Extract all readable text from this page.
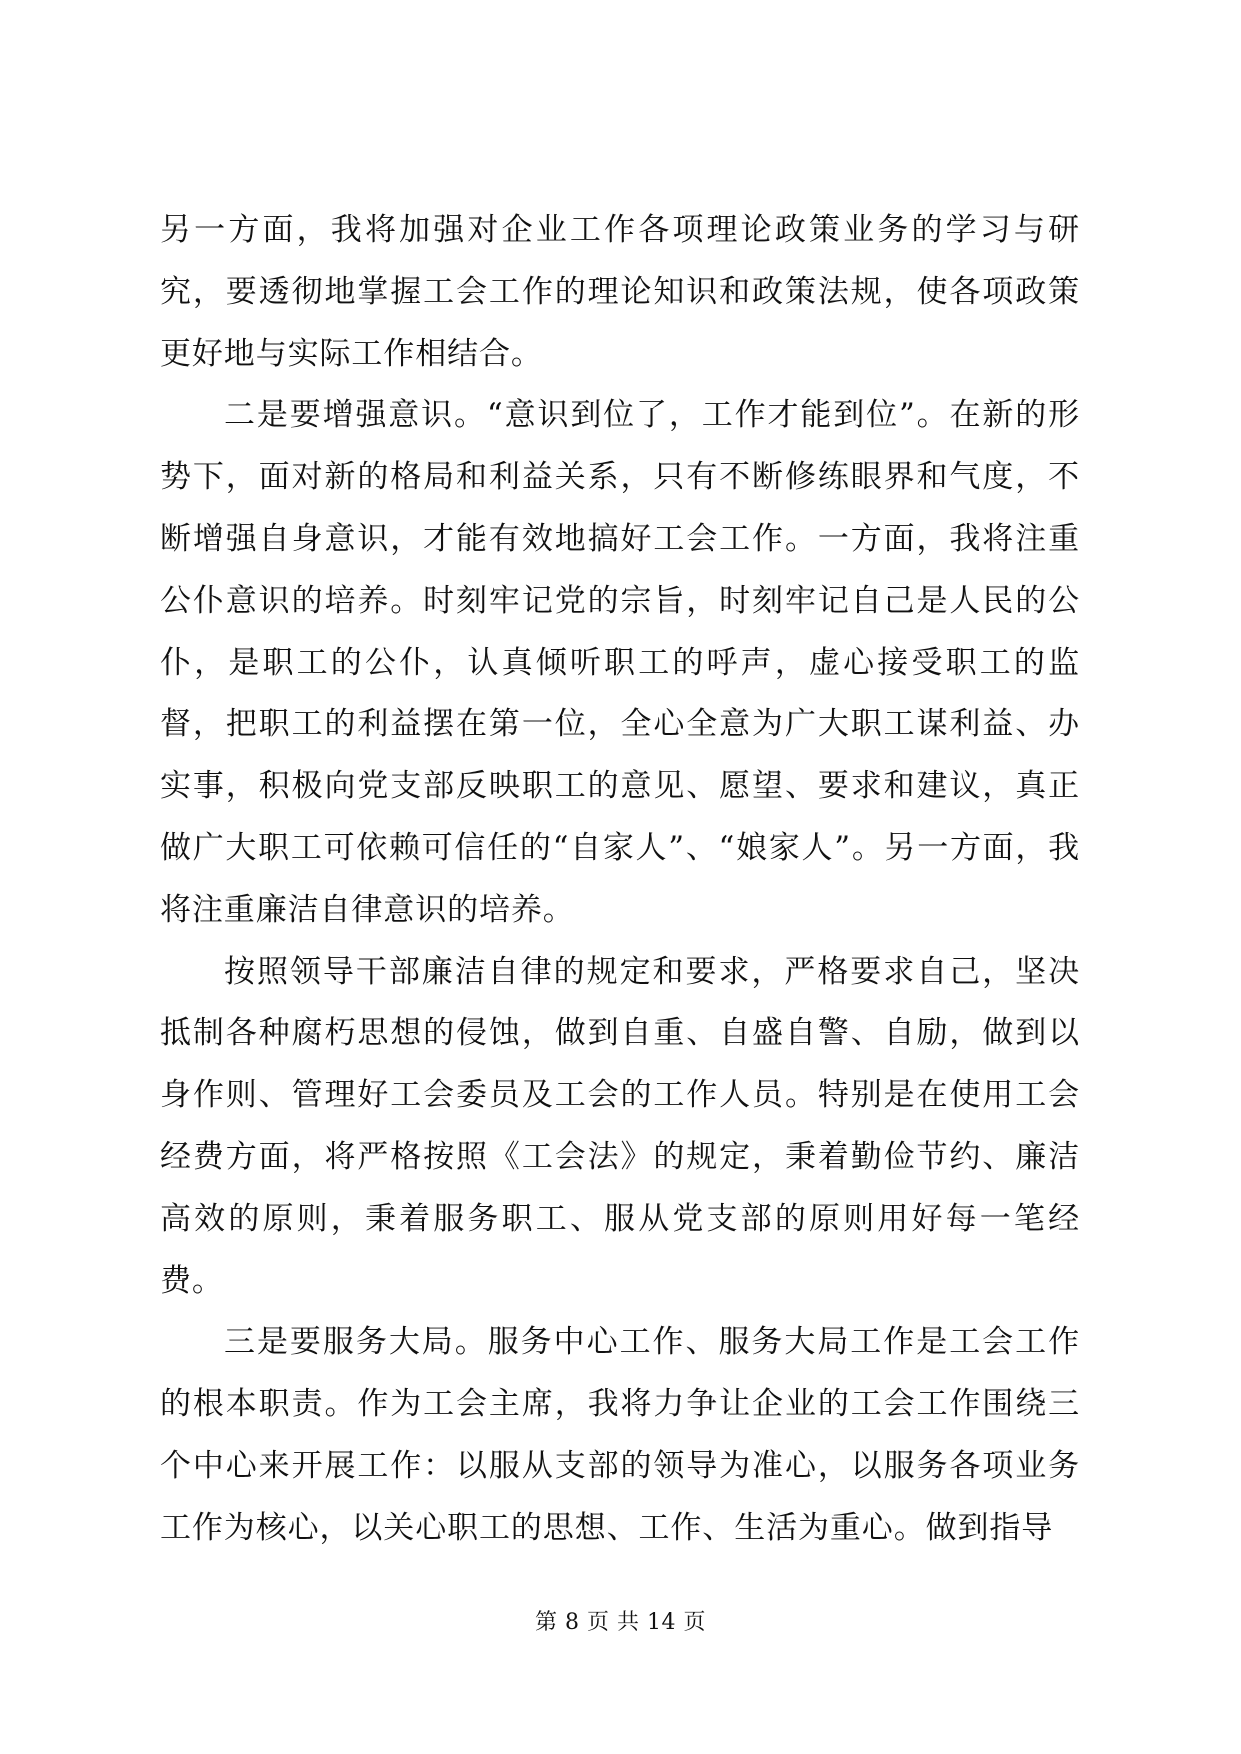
另一方面，我将加强对企业工作各项理论政策业务的学习与研究，要透彻地掌握工会工作的理论知识和政策法规，使各项政策更好地与实际工作相结合。

二是要增强意识。“意识到位了，工作才能到位”。在新的形势下，面对新的格局和利益关系，只有不断修练眼界和气度，不断增强自身意识，才能有效地搞好工会工作。一方面，我将注重公仆意识的培养。时刻牢记党的宗旨，时刻牢记自己是人民的公仆，是职工的公仆，认真倾听职工的呼声，虚心接受职工的监督，把职工的利益摆在第一位，全心全意为广大职工谋利益、办实事，积极向党支部反映职工的意见、愿望、要求和建议，真正做广大职工可依赖可信任的“自家人”、“娘家人”。另一方面，我将注重廉洁自律意识的培养。

按照领导干部廉洁自律的规定和要求，严格要求自己，坚决抵制各种腐朽思想的侵蚀，做到自重、自盛自警、自励，做到以身作则、管理好工会委员及工会的工作人员。特别是在使用工会经费方面，将严格按照《工会法》的规定，秉着勤俭节约、廉洁高效的原则，秉着服务职工、服从党支部的原则用好每一笔经费。

三是要服务大局。服务中心工作、服务大局工作是工会工作的根本职责。作为工会主席，我将力争让企业的工会工作围绕三个中心来开展工作：以服从支部的领导为准心，以服务各项业务工作为核心，以关心职工的思想、工作、生活为重心。做到指导

第 8 页 共 14 页
